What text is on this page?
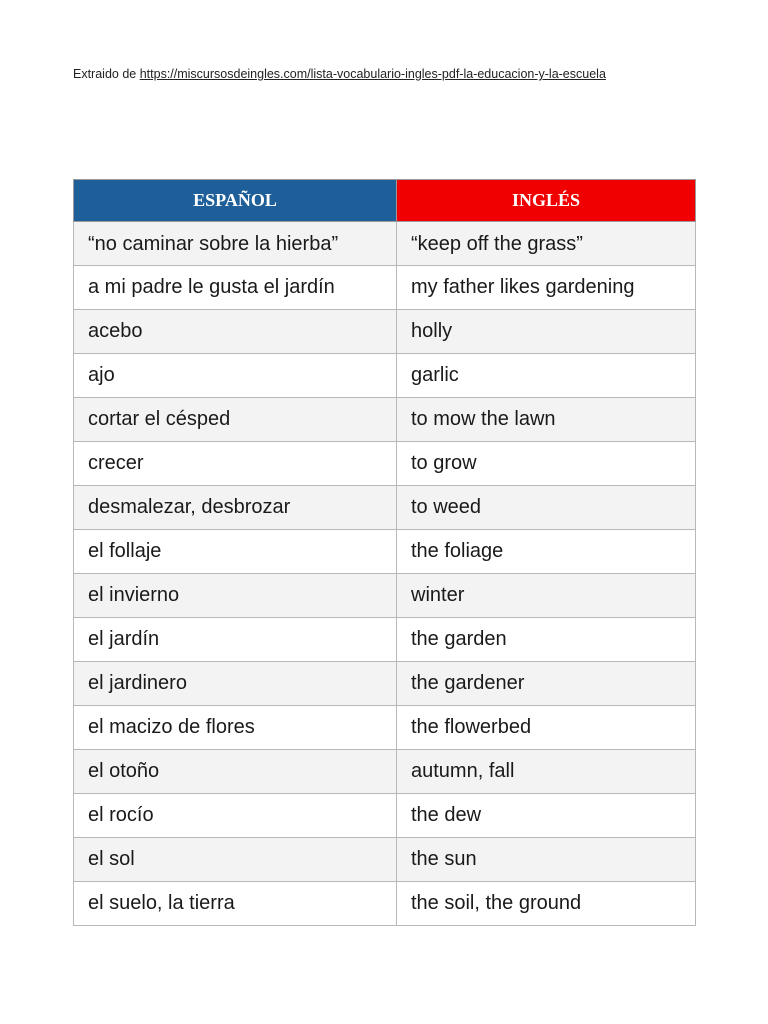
Extraido de https://miscursosdeingles.com/lista-vocabulario-ingles-pdf-la-educacion-y-la-escuela
ESPAÑOL	INGLÉS

“no caminar sobre la hierba”	“keep off the grass”

a mi padre le gusta el jardín	my father likes gardening
acebo	holly
ajo	garlic
cortar el césped	to mow the lawn
crecer	to grow
desmalezar, desbrozar	to weed
el follaje	the foliage
el invierno	winter
el jardín	the garden
el jardinero	the gardener
el macizo de flores	the flowerbed
el otoño	autumn, fall
el rocío	the dew
el sol	the sun
el suelo, la tierra	the soil, the ground
